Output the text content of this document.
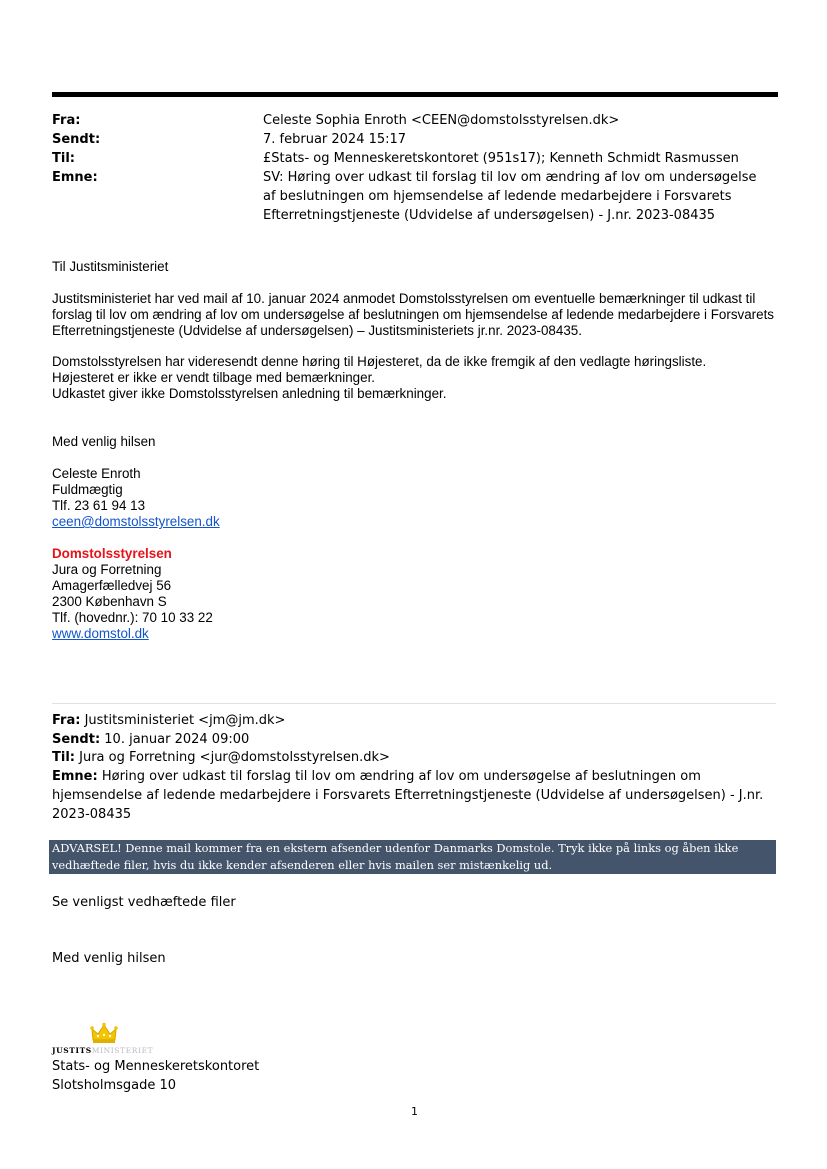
Fra:	Celeste Sophia Enroth <CEEN@domstolsstyrelsen.dk>
Sendt:	7. februar 2024 15:17
Til:	£Stats- og Menneskeretskontoret (951s17); Kenneth Schmidt Rasmussen
Emne:	SV: Høring over udkast til forslag til lov om ændring af lov om undersøgelse af beslutningen om hjemsendelse af ledende medarbejdere i Forsvarets Efterretningstjeneste (Udvidelse af undersøgelsen) - J.nr. 2023-08435
Til Justitsministeriet
Justitsministeriet har ved mail af 10. januar 2024 anmodet Domstolsstyrelsen om eventuelle bemærkninger til udkast til forslag til lov om ændring af lov om undersøgelse af beslutningen om hjemsendelse af ledende medarbejdere i Forsvarets Efterretningstjeneste (Udvidelse af undersøgelsen) – Justitsministeriets jr.nr. 2023-08435.
Domstolsstyrelsen har videresendt denne høring til Højesteret, da de ikke fremgik af den vedlagte høringsliste.
Højesteret er ikke er vendt tilbage med bemærkninger.
Udkastet giver ikke Domstolsstyrelsen anledning til bemærkninger.
Med venlig hilsen
Celeste Enroth
Fuldmægtig
Tlf. 23 61 94 13
ceen@domstolsstyrelsen.dk
Domstolsstyrelsen
Jura og Forretning
Amagerfælledvej 56
2300 København S
Tlf. (hovednr.): 70 10 33 22
www.domstol.dk
Fra: Justitsministeriet <jm@jm.dk>
Sendt: 10. januar 2024 09:00
Til: Jura og Forretning <jur@domstolsstyrelsen.dk>
Emne: Høring over udkast til forslag til lov om ændring af lov om undersøgelse af beslutningen om hjemsendelse af ledende medarbejdere i Forsvarets Efterretningstjeneste (Udvidelse af undersøgelsen) - J.nr. 2023-08435
ADVARSEL! Denne mail kommer fra en ekstern afsender udenfor Danmarks Domstole. Tryk ikke på links og åben ikke vedhæftede filer, hvis du ikke kender afsenderen eller hvis mailen ser mistænkelig ud.
Se venligst vedhæftede filer
Med venlig hilsen
JUSTITSMINISTERIET
Stats- og Menneskeretskontoret
Slotsholmsgade 10
1
